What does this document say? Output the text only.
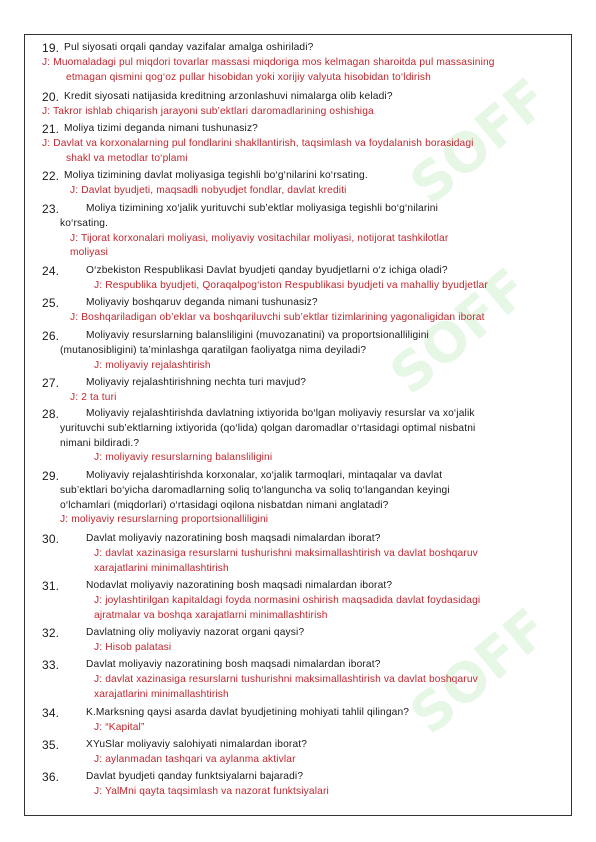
SOFF
SOFF
SOFF
19. Pul siyosati orqali qanday vazifalar amalga oshiriladi?
J: Muomaladagi pul miqdori tovarlar massasi miqdoriga mos kelmagan sharoitda pul massasining
etmagan qismini qog‘oz pullar hisobidan yoki xorijiy valyuta hisobidan to‘ldirish
20. Kredit siyosati natijasida kreditning arzonlashuvi nimalarga olib keladi?
J: Takror ishlab chiqarish jarayoni sub’ektlari daromadlarining oshishiga
21. Moliya tizimi deganda nimani tushunasiz?
J: Davlat va korxonalarning pul fondlarini shakllantirish, taqsimlash va foydalanish borasidagi
shakl va metodlar to‘plami
22. Moliya tizimining davlat moliyasiga tegishli bo‘g‘nilarini ko‘rsating.
J: Davlat byudjeti, maqsadli nobyudjet fondlar, davlat krediti
23.	Moliya tizimining xo‘jalik yurituvchi sub’ektlar moliyasiga tegishli bo‘g‘nilarini
ko‘rsating.
J: Tijorat korxonalari moliyasi, moliyaviy vositachilar moliyasi, notijorat tashkilotlar
moliyasi
24.	O‘zbekiston Respublikasi Davlat byudjeti qanday byudjetlarni o‘z ichiga oladi?
J: Respublika byudjeti, Qoraqalpog‘iston Respublikasi byudjeti va mahalliy byudjetlar
25.	Moliyaviy boshqaruv deganda nimani tushunasiz?
J: Boshqariladigan ob’eklar va boshqariluvchi sub’ektlar tizimlarining yagonaligidan iborat
26.	Moliyaviy resurslarning balansliligini (muvozanatini) va proportsionalliligini
(mutanosibligini) ta’minlashga qaratilgan faoliyatga nima deyiladi?
J: moliyaviy rejalashtirish
27.	Moliyaviy rejalashtirishning nechta turi mavjud?
J: 2 ta turi
28.	Moliyaviy rejalashtirishda davlatning ixtiyorida bo‘lgan moliyaviy resurslar va xo‘jalik
yurituvchi sub’ektlarning ixtiyorida (qo‘lida) qolgan daromadlar o‘rtasidagi optimal nisbatni
nimani bildiradi.?
J: moliyaviy resurslarning balansliligini
29.	Moliyaviy rejalashtirishda korxonalar, xo‘jalik tarmoqlari, mintaqalar va davlat
sub’ektlari bo‘yicha daromadlarning soliq to‘languncha va soliq to‘langandan keyingi
o‘lchamlari (miqdorlari) o‘rtasidagi oqilona nisbatdan nimani anglatadi?
J: moliyaviy resurslarning proportsionalliligini
30.	Davlat moliyaviy nazoratining bosh maqsadi nimalardan iborat?
J: davlat xazinasiga resurslarni tushurishni maksimallashtirish va davlat boshqaruv
xarajatlarini minimallashtirish
31.	Nodavlat moliyaviy nazoratining bosh maqsadi nimalardan iborat?
J: joylashtirilgan kapitaldagi foyda normasini oshirish maqsadida davlat foydasidagi
ajratmalar va boshqa xarajatlarni minimallashtirish
32.	Davlatning oliy moliyaviy nazorat organi qaysi?
J: Hisob palatasi
33.	Davlat moliyaviy nazoratining bosh maqsadi nimalardan iborat?
J: davlat xazinasiga resurslarni tushurishni maksimallashtirish va davlat boshqaruv
xarajatlarini minimallashtirish
34.	K.Marksning qaysi asarda davlat byudjetining mohiyati tahlil qilingan?
J: “Kapital”
35.	XYuSlar moliyaviy salohiyati nimalardan iborat?
J: aylanmadan tashqari va aylanma aktivlar
36.	Davlat byudjeti qanday funktsiyalarni bajaradi?
J: YalMni qayta taqsimlash va nazorat funktsiyalari
